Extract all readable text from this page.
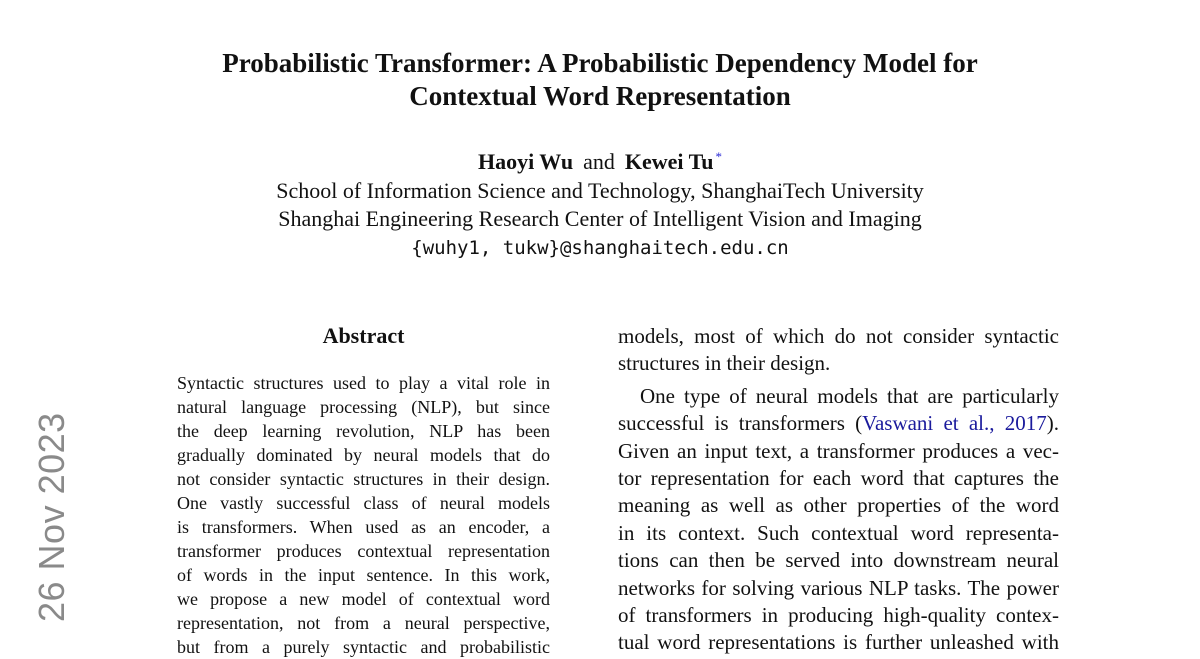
26 Nov 2023
Probabilistic Transformer: A Probabilistic Dependency Model for
Contextual Word Representation
Haoyi Wu and Kewei Tu *
School of Information Science and Technology, ShanghaiTech University
Shanghai Engineering Research Center of Intelligent Vision and Imaging
{wuhy1, tukw}@shanghaitech.edu.cn
Abstract
Syntactic structures used to play a vital role in
natural language processing (NLP), but since
the deep learning revolution, NLP has been
gradually dominated by neural models that do
not consider syntactic structures in their design.
One vastly successful class of neural models
is transformers. When used as an encoder, a
transformer produces contextual representation
of words in the input sentence. In this work,
we propose a new model of contextual word
representation, not from a neural perspective,
but from a purely syntactic and probabilistic
models, most of which do not consider syntactic
structures in their design.
One type of neural models that are particularly
successful is transformers (Vaswani et al., 2017).
Given an input text, a transformer produces a vec-
tor representation for each word that captures the
meaning as well as other properties of the word
in its context. Such contextual word representa-
tions can then be served into downstream neural
networks for solving various NLP tasks. The power
of transformers in producing high-quality contex-
tual word representations is further unleashed with
